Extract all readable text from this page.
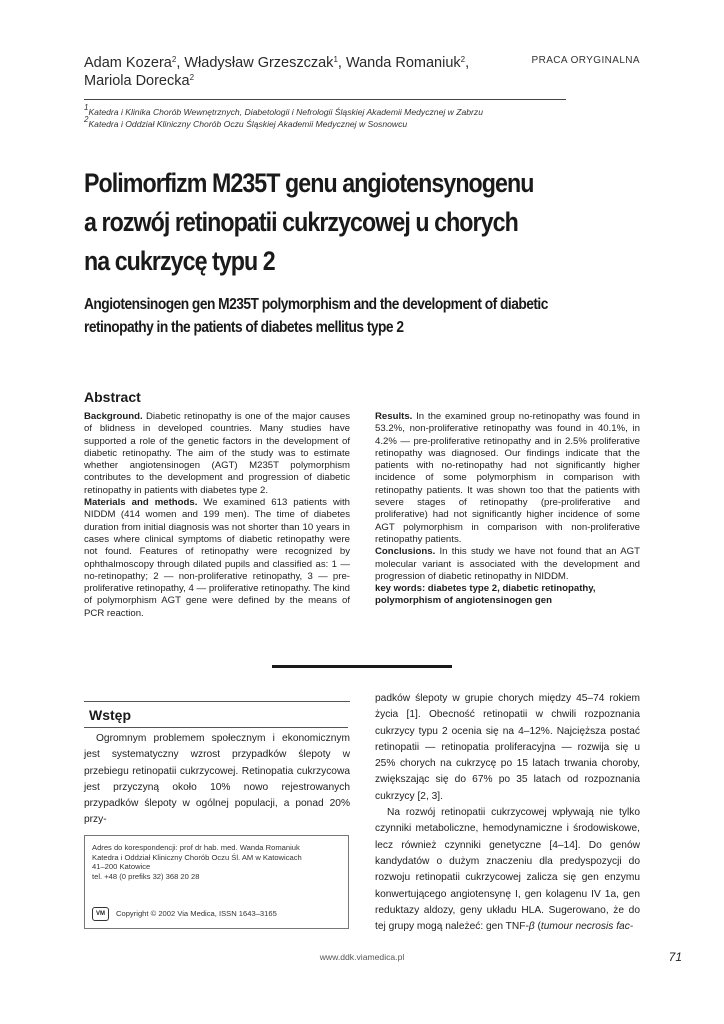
Adam Kozera$^2$, Władysław Grzeszczak$^1$, Wanda Romaniuk$^2$,
Mariola Dorecka$^2$
PRACA ORYGINALNA
$^1$Katedra i Klinika Chorób Wewnętrznych, Diabetologii i Nefrologii Śląskiej Akademii Medycznej w Zabrzu
$^2$Katedra i Oddział Kliniczny Chorób Oczu Śląskiej Akademii Medycznej w Sosnowcu
Polimorfizm M235T genu angiotensynogenu
a rozwój retinopatii cukrzycowej u chorych
na cukrzycę typu 2
Angiotensinogen gen M235T polymorphism and the development of diabetic
retinopathy in the patients of diabetes mellitus type 2
Abstract

Background. Diabetic retinopathy is one of the major causes of blidness in developed countries. Many studies have supported a role of the genetic factors in the development of diabetic retinopathy. The aim of the study was to estimate whether angiotensinogen (AGT) M235T polymorphism contributes to the development and progression of diabetic retinopathy in patients with diabetes type 2.

Materials and methods. We examined 613 patients with NIDDM (414 women and 199 men). The time of diabetes duration from initial diagnosis was not shorter than 10 years in cases where clinical symptoms of diabetic retinopathy were not found. Features of retinopathy were recognized by ophthalmoscopy through dilated pupils and classified as: 1 — no-retinopathy; 2 — non-proliferative retinopathy, 3 — pre-proliferative retinopathy, 4 — proliferative retinopathy. The kind of polymorphism AGT gene were defined by the means of PCR reaction.

Results. In the examined group no-retinopathy was found in 53.2%, non-proliferative retinopathy was found in 40.1%, in 4.2% — pre-proliferative retinopathy and in 2.5% proliferative retinopathy was diagnosed. Our findings indicate that the patients with no-retinopathy had not significantly higher incidence of some polymorphism in comparison with retinopathy patients. It was shown too that the patients with severe stages of retinopathy (pre-proliferative and proliferative) had not significantly higher incidence of some AGT polymorphism in comparison with non-proliferative retinopathy patients.

Conclusions. In this study we have not found that an AGT molecular variant is associated with the development and progression of diabetic retinopathy in NIDDM.

key words: diabetes type 2, diabetic retinopathy, polymorphism of angiotensinogen gen

Wstęp

Ogromnym problemem społecznym i ekonomicznym jest systematyczny wzrost przypadków ślepoty w przebiegu retinopatii cukrzycowej. Retinopatia cukrzycowa jest przyczyną około 10% nowo rejestrowanych przypadków ślepoty w ogólnej populacji, a ponad 20% przy-

padków ślepoty w grupie chorych między 45–74 rokiem życia [1]. Obecność retinopatii w chwili rozpoznania cukrzycy typu 2 ocenia się na 4–12%. Najcięższa postać retinopatii — retinopatia proliferacyjna — rozwija się u 25% chorych na cukrzycę po 15 latach trwania choroby, zwiększając się do 67% po 35 latach od rozpoznania cukrzycy [2, 3].

Na rozwój retinopatii cukrzycowej wpływają nie tylko czynniki metaboliczne, hemodynamiczne i środowiskowe, lecz również czynniki genetyczne [4–14]. Do genów kandydatów o dużym znaczeniu dla predyspozycji do rozwoju retinopatii cukrzycowej zalicza się gen enzymu konwertującego angiotensynę I, gen kolagenu IV 1a, gen reduktazy aldozy, geny układu HLA. Sugerowano, że do tej grupy mogą należeć: gen TNF-β (tumour necrosis fac-

Adres do korespondencji: prof dr hab. med. Wanda Romaniuk
Katedra i Oddział Kliniczny Chorób Oczu Śl. AM w Katowicach
41–200 Katowice
tel. +48 (0 prefiks 32) 368 20 28
VM	Copyright © 2002 Via Medica, ISSN 1643–3165
www.ddk.viamedica.pl	71
